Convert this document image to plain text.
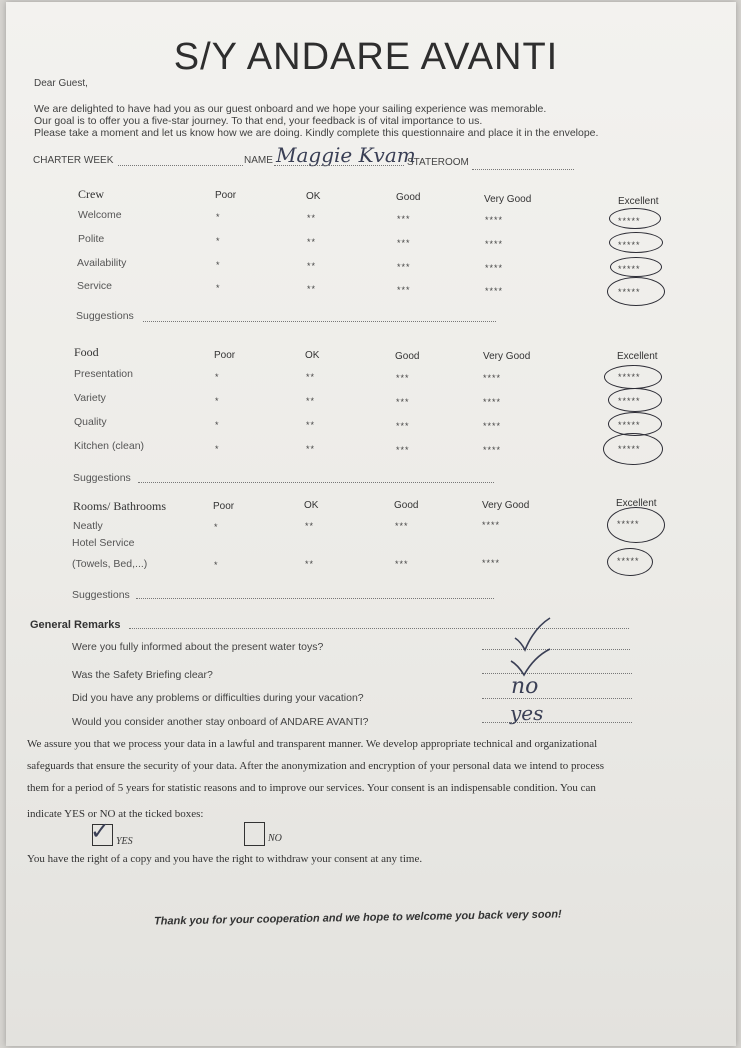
S/Y ANDARE AVANTI
Dear Guest,
We are delighted to have had you as our guest onboard and we hope your sailing experience was memorable.
Our goal is to offer you a five-star journey. To that end, your feedback is of vital importance to us.
Please take a moment and let us know how we are doing. Kindly complete this questionnaire and place it in the envelope.
CHARTER WEEK	NAME Maggie Kvam
STATEROOM
Crew	Poor	OK	Good	Very Good	Excellent
Welcome	*	**	***	****	*****
Polite	*	**	***	****	*****
Availability	*	**	***	****	*****
Service	*	**	***	****	*****
Suggestions
Food	Poor	OK	Good	Very Good	Excellent
Presentation	*	**	***	****	*****
Variety	*	**	***	****	*****
Quality	*	**	***	****	*****
Kitchen (clean)	*	**	***	****	*****
Suggestions
Rooms/ Bathrooms	Poor	OK	Good	Very Good	Excellent
Neatly	*	**	***	****	*****
Hotel Service
(Towels, Bed,...)	*	**	***	****	*****
Suggestions
General Remarks
Were you fully informed about the present water toys?
Was the Safety Briefing clear?
Did you have any problems or difficulties during your vacation?	no
Would you consider another stay onboard of ANDARE AVANTI?	yes
We assure you that we process your data in a lawful and transparent manner. We develop appropriate technical and organizational
safeguards that ensure the security of your data. After the anonymization and encryption of your personal data we intend to process
them for a period of 5 years for statistic reasons and to improve our services. Your consent is an indispensable condition. You can
indicate YES or NO at the ticked boxes:
✓ YES	NO
You have the right of a copy and you have the right to withdraw your consent at any time.
Thank you for your cooperation and we hope to welcome you back very soon!
